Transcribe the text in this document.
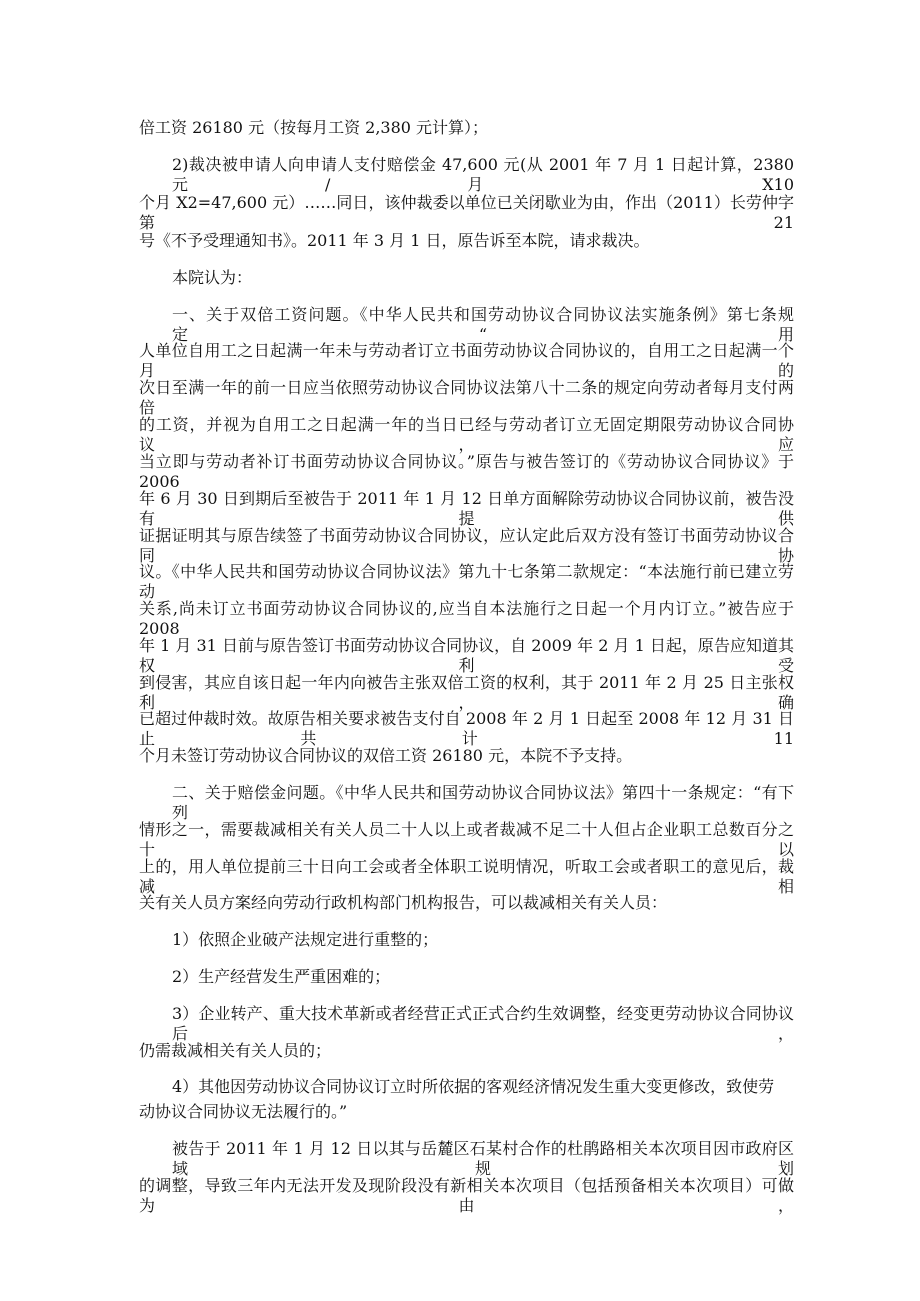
倍工资 26180 元（按每月工资 2,380 元计算）；
2)裁决被申请人向申请人支付赔偿金 47,600 元(从 2001 年 7 月 1 日起计算，2380 元/月 X10
个月 X2=47,600 元）……同日，该仲裁委以单位已关闭歇业为由，作出（2011）长劳仲字第 21
号《不予受理通知书》。2011 年 3 月 1 日，原告诉至本院，请求裁决。
本院认为：
一、关于双倍工资问题。《中华人民共和国劳动协议合同协议法实施条例》第七条规定“用
人单位自用工之日起满一年未与劳动者订立书面劳动协议合同协议的，自用工之日起满一个月的
次日至满一年的前一日应当依照劳动协议合同协议法第八十二条的规定向劳动者每月支付两倍
的工资，并视为自用工之日起满一年的当日已经与劳动者订立无固定期限劳动协议合同协议，应
当立即与劳动者补订书面劳动协议合同协议。”原告与被告签订的《劳动协议合同协议》于 2006
年 6 月 30 日到期后至被告于 2011 年 1 月 12 日单方面解除劳动协议合同协议前，被告没有提供
证据证明其与原告续签了书面劳动协议合同协议，应认定此后双方没有签订书面劳动协议合同协
议。《中华人民共和国劳动协议合同协议法》第九十七条第二款规定：“本法施行前已建立劳动
关系,尚未订立书面劳动协议合同协议的,应当自本法施行之日起一个月内订立。”被告应于 2008
年 1 月 31 日前与原告签订书面劳动协议合同协议，自 2009 年 2 月 1 日起，原告应知道其权利受
到侵害，其应自该日起一年内向被告主张双倍工资的权利，其于 2011 年 2 月 25 日主张权利，确
已超过仲裁时效。故原告相关要求被告支付自 2008 年 2 月 1 日起至 2008 年 12 月 31 日止共计 11
个月未签订劳动协议合同协议的双倍工资 26180 元，本院不予支持。
二、关于赔偿金问题。《中华人民共和国劳动协议合同协议法》第四十一条规定：“有下列
情形之一，需要裁减相关有关人员二十人以上或者裁减不足二十人但占企业职工总数百分之十以
上的，用人单位提前三十日向工会或者全体职工说明情况，听取工会或者职工的意见后，裁减相
关有关人员方案经向劳动行政机构部门机构报告，可以裁减相关有关人员：
1）依照企业破产法规定进行重整的；
2）生产经营发生严重困难的；
3）企业转产、重大技术革新或者经营正式正式合约生效调整，经变更劳动协议合同协议后，
仍需裁减相关有关人员的；
4）其他因劳动协议合同协议订立时所依据的客观经济情况发生重大变更修改，致使劳
动协议合同协议无法履行的。”
被告于 2011 年 1 月 12 日以其与岳麓区石某村合作的杜鹃路相关本次项目因市政府区域规划
的调整，导致三年内无法开发及现阶段没有新相关本次项目（包括预备相关本次项目）可做为由，
